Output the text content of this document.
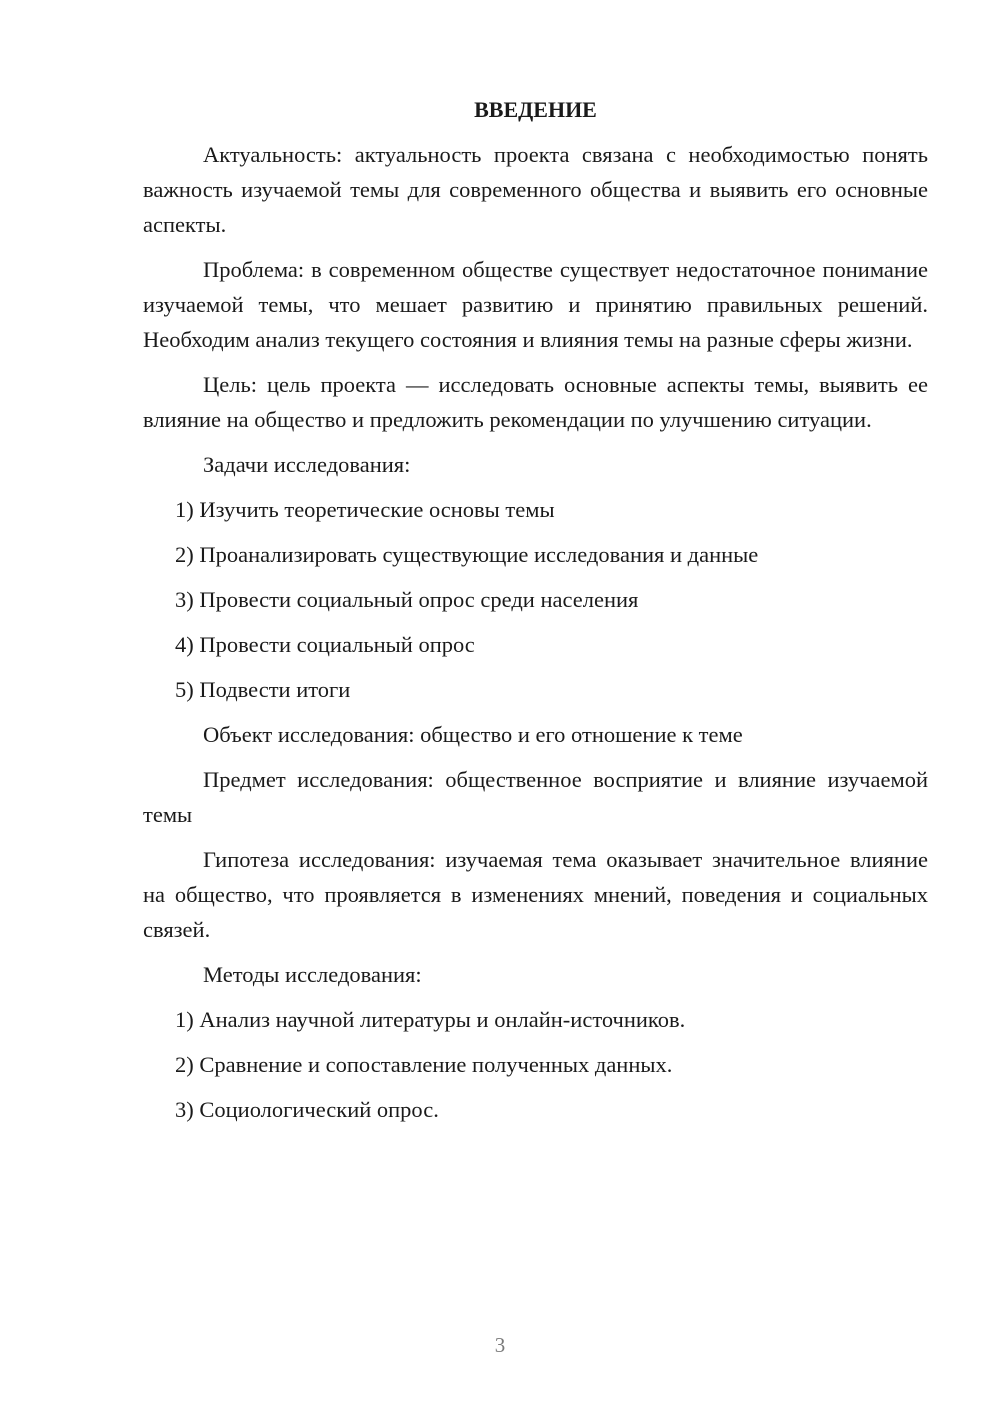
ВВЕДЕНИЕ

Актуальность: актуальность проекта связана с необходимостью понять важность изучаемой темы для современного общества и выявить его основные аспекты.

Проблема: в современном обществе существует недостаточное понимание изучаемой темы, что мешает развитию и принятию правильных решений. Необходим анализ текущего состояния и влияния темы на разные сферы жизни.

Цель: цель проекта — исследовать основные аспекты темы, выявить ее влияние на общество и предложить рекомендации по улучшению ситуации.

Задачи исследования:

1) Изучить теоретические основы темы
2) Проанализировать существующие исследования и данные
3) Провести социальный опрос среди населения
4) Провести социальный опрос
5) Подвести итоги

Объект исследования: общество и его отношение к теме

Предмет исследования: общественное восприятие и влияние изучаемой темы

Гипотеза исследования: изучаемая тема оказывает значительное влияние на общество, что проявляется в изменениях мнений, поведения и социальных связей.

Методы исследования:

1) Анализ научной литературы и онлайн-источников.
2) Сравнение и сопоставление полученных данных.
3) Социологический опрос.
3
